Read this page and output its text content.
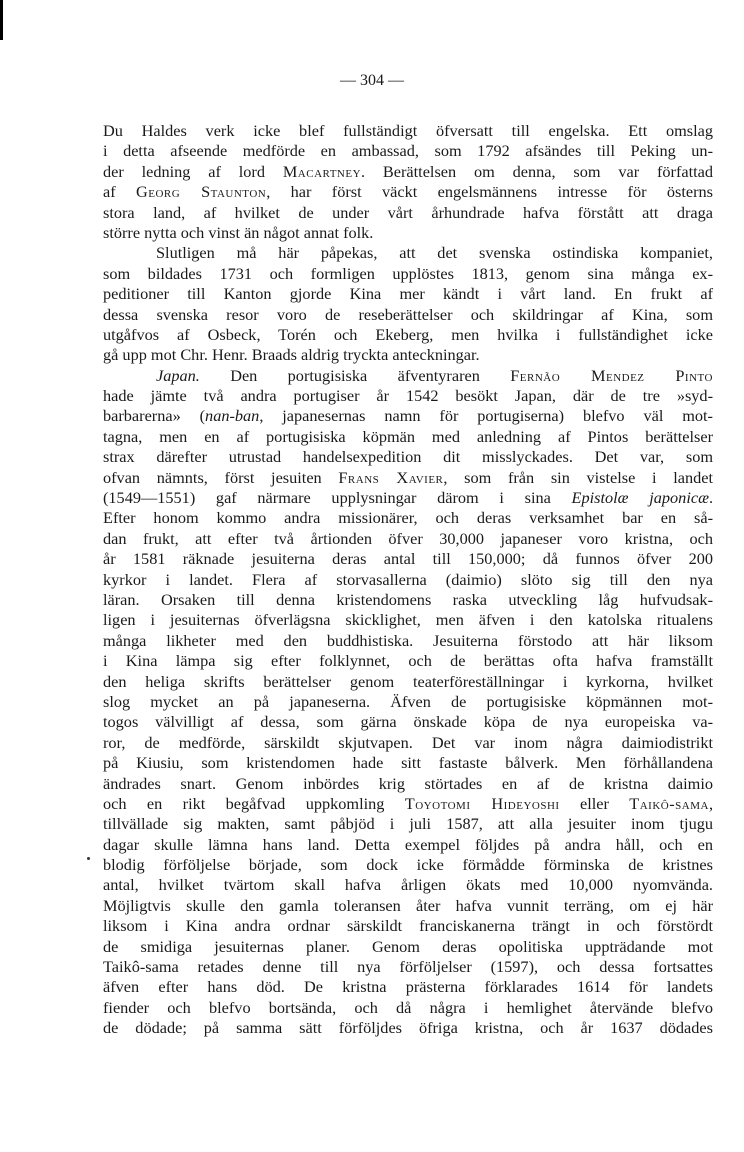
— 304 —
Du Haldes verk icke blef fullständigt öfversatt till engelska. Ett omslag
i detta afseende medförde en ambassad, som 1792 afsändes till Peking un-
der ledning af lord Macartney. Berättelsen om denna, som var författad
af Georg Staunton, har först väckt engelsmännens intresse för österns
stora land, af hvilket de under vårt århundrade hafva förstått att draga
större nytta och vinst än något annat folk.
Slutligen må här påpekas, att det svenska ostindiska kompaniet,
som bildades 1731 och formligen upplöstes 1813, genom sina många ex-
peditioner till Kanton gjorde Kina mer kändt i vårt land. En frukt af
dessa svenska resor voro de reseberättelser och skildringar af Kina, som
utgåfvos af Osbeck, Torén och Ekeberg, men hvilka i fullständighet icke
gå upp mot Chr. Henr. Braads aldrig tryckta anteckningar.
Japan. Den portugisiska äfventyraren Fernão Mendez Pinto
hade jämte två andra portugiser år 1542 besökt Japan, där de tre »syd-
barbarerna» (nan-ban, japanesernas namn för portugiserna) blefvo väl mot-
tagna, men en af portugisiska köpmän med anledning af Pintos berättelser
strax därefter utrustad handelsexpedition dit misslyckades. Det var, som
ofvan nämnts, först jesuiten Frans Xavier, som från sin vistelse i landet
(1549—1551) gaf närmare upplysningar därom i sina Epistolæ japonicæ.
Efter honom kommo andra missionärer, och deras verksamhet bar en så-
dan frukt, att efter två årtionden öfver 30,000 japaneser voro kristna, och
år 1581 räknade jesuiterna deras antal till 150,000; då funnos öfver 200
kyrkor i landet. Flera af storvasallerna (daimio) slöto sig till den nya
läran. Orsaken till denna kristendomens raska utveckling låg hufvudsak-
ligen i jesuiternas öfverlägsna skicklighet, men äfven i den katolska ritualens
många likheter med den buddhistiska. Jesuiterna förstodo att här liksom
i Kina lämpa sig efter folklynnet, och de berättas ofta hafva framställt
den heliga skrifts berättelser genom teaterföreställningar i kyrkorna, hvilket
slog mycket an på japaneserna. Äfven de portugisiske köpmännen mot-
togos välvilligt af dessa, som gärna önskade köpa de nya europeiska va-
ror, de medförde, särskildt skjutvapen. Det var inom några daimiodistrikt
på Kiusiu, som kristendomen hade sitt fastaste bålverk. Men förhållandena
ändrades snart. Genom inbördes krig störtades en af de kristna daimio
och en rikt begåfvad uppkomling Toyotomi Hideyoshi eller Taikô-sama,
tillvällade sig makten, samt påbjöd i juli 1587, att alla jesuiter inom tjugu
dagar skulle lämna hans land. Detta exempel följdes på andra håll, och en
blodig förföljelse började, som dock icke förmådde förminska de kristnes
antal, hvilket tvärtom skall hafva årligen ökats med 10,000 nyomvända.
Möjligtvis skulle den gamla toleransen åter hafva vunnit terräng, om ej här
liksom i Kina andra ordnar särskildt franciskanerna trängt in och förstördt
de smidiga jesuiternas planer. Genom deras opolitiska uppträdande mot
Taikô-sama retades denne till nya förföljelser (1597), och dessa fortsattes
äfven efter hans död. De kristna prästerna förklarades 1614 för landets
fiender och blefvo bortsända, och då några i hemlighet återvände blefvo
de dödade; på samma sätt förföljdes öfriga kristna, och år 1637 dödades
